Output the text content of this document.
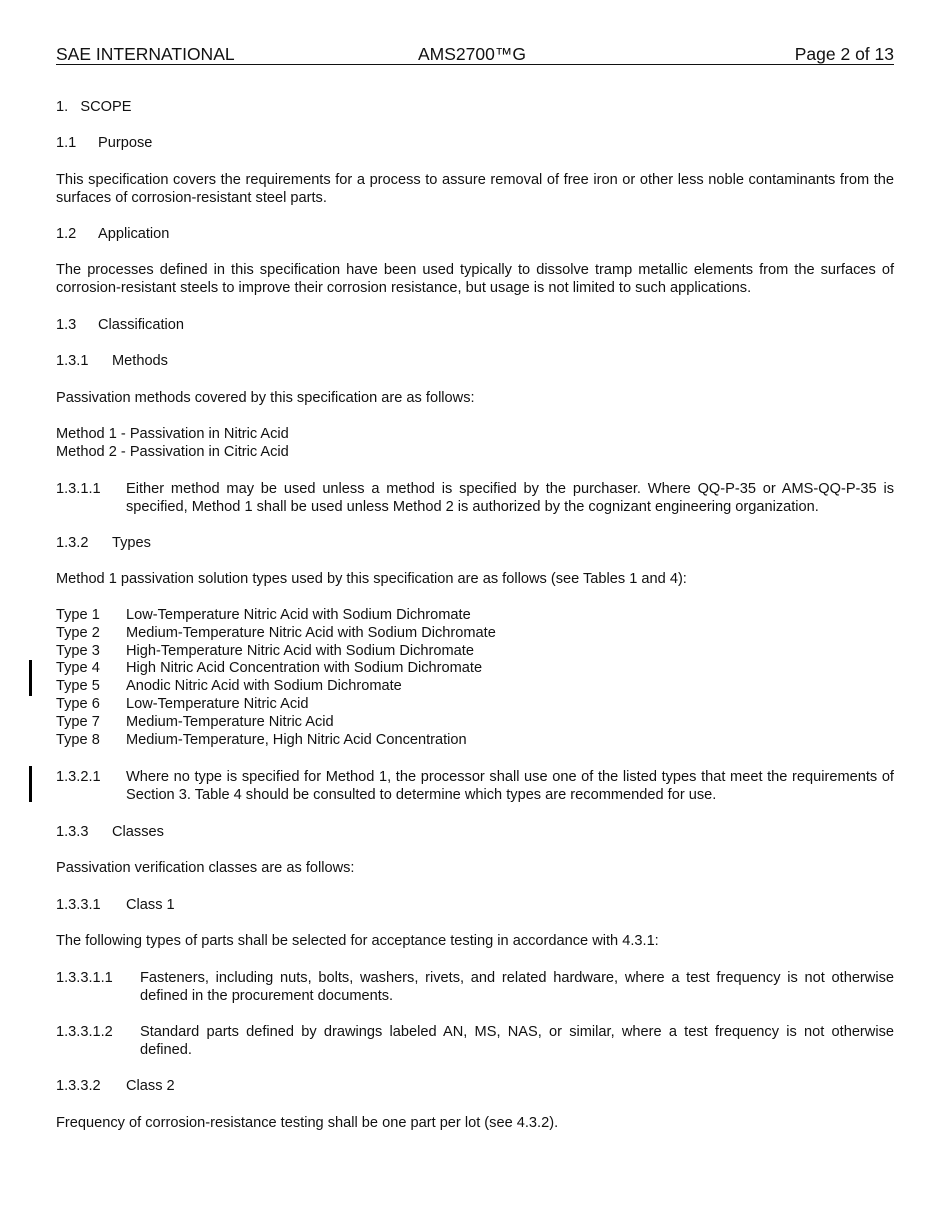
SAE INTERNATIONAL	AMS2700™G	Page 2 of 13
1. SCOPE
1.1 Purpose
This specification covers the requirements for a process to assure removal of free iron or other less noble contaminants from the surfaces of corrosion-resistant steel parts.
1.2 Application
The processes defined in this specification have been used typically to dissolve tramp metallic elements from the surfaces of corrosion-resistant steels to improve their corrosion resistance, but usage is not limited to such applications.
1.3 Classification
1.3.1 Methods
Passivation methods covered by this specification are as follows:
Method 1 - Passivation in Nitric Acid
Method 2 - Passivation in Citric Acid
1.3.1.1 Either method may be used unless a method is specified by the purchaser. Where QQ-P-35 or AMS-QQ-P-35 is specified, Method 1 shall be used unless Method 2 is authorized by the cognizant engineering organization.
1.3.2 Types
Method 1 passivation solution types used by this specification are as follows (see Tables 1 and 4):
Type 1 Low-Temperature Nitric Acid with Sodium Dichromate
Type 2 Medium-Temperature Nitric Acid with Sodium Dichromate
Type 3 High-Temperature Nitric Acid with Sodium Dichromate
Type 4 High Nitric Acid Concentration with Sodium Dichromate
Type 5 Anodic Nitric Acid with Sodium Dichromate
Type 6 Low-Temperature Nitric Acid
Type 7 Medium-Temperature Nitric Acid
Type 8 Medium-Temperature, High Nitric Acid Concentration
1.3.2.1 Where no type is specified for Method 1, the processor shall use one of the listed types that meet the requirements of Section 3. Table 4 should be consulted to determine which types are recommended for use.
1.3.3 Classes
Passivation verification classes are as follows:
1.3.3.1 Class 1
The following types of parts shall be selected for acceptance testing in accordance with 4.3.1:
1.3.3.1.1 Fasteners, including nuts, bolts, washers, rivets, and related hardware, where a test frequency is not otherwise defined in the procurement documents.
1.3.3.1.2 Standard parts defined by drawings labeled AN, MS, NAS, or similar, where a test frequency is not otherwise defined.
1.3.3.2 Class 2
Frequency of corrosion-resistance testing shall be one part per lot (see 4.3.2).
